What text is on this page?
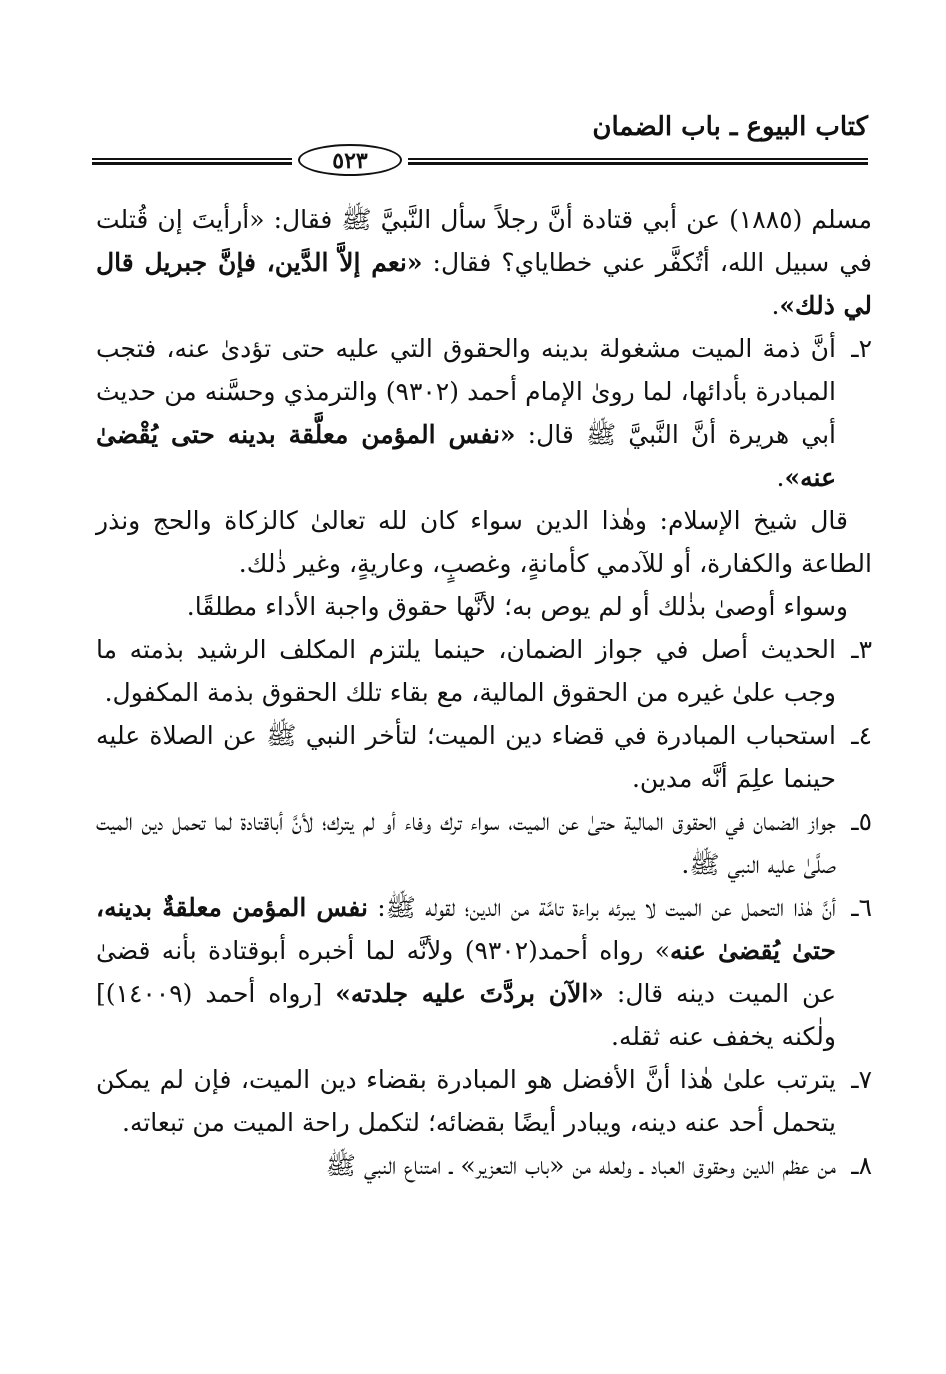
كتاب البيوع ـ باب الضمان
٥٢٣

مسلم (١٨٨٥) عن أبي قتادة أنَّ رجلاً سأل النَّبيَّ ﷺ فقال: «أرأيتَ إن قُتلت في سبيل الله، أتُكفَّر عني خطاياي؟ فقال: «نعم إلاَّ الدَّين، فإنَّ جبريل قال لي ذلك».

٢ـ
أنَّ ذمة الميت مشغولة بدينه والحقوق التي عليه حتى تؤدىٰ عنه، فتجب المبادرة بأدائها، لما روىٰ الإمام أحمد (٩٣٠٢) والترمذي وحسَّنه من حديث أبي هريرة أنَّ النَّبيَّ ﷺ قال: «نفس المؤمن معلَّقة بدينه حتى يُقْضىٰ عنه».

قال شيخ الإسلام: وهٰذا الدين سواء كان لله تعالىٰ كالزكاة والحج ونذر الطاعة والكفارة، أو للآدمي كأمانةٍ، وغصبٍ، وعاريةٍ، وغير ذٰلك.

وسواء أوصىٰ بذٰلك أو لم يوص به؛ لأنَّها حقوق واجبة الأداء مطلقًا.

٣ـ
الحديث أصل في جواز الضمان، حينما يلتزم المكلف الرشيد بذمته ما وجب علىٰ غيره من الحقوق المالية، مع بقاء تلك الحقوق بذمة المكفول.
٤ـ
استحباب المبادرة في قضاء دين الميت؛ لتأخر النبي ﷺ عن الصلاة عليه حينما علِمَ أنَّه مدين.
٥ـ
جواز الضمان في الحقوق المالية حتىٰ عن الميت، سواء ترك وفاء أو لم يترك؛ لأنَّ أباقتادة لما تحمل دين الميت صلَّىٰ عليه النبي ﷺ.
٦ـ
أنَّ هٰذا التحمل عن الميت لا يبرئه براءة تامَّة من الدين؛ لقوله ﷺ: نفس المؤمن معلقةٌ بدينه، حتىٰ يُقضىٰ عنه» رواه أحمد(٩٣٠٢) ولأنَّه لما أخبره أبوقتادة بأنه قضىٰ عن الميت دينه قال: «الآن بردَّتَ عليه جلدته» [رواه أحمد (١٤٠٠٩)] ولٰكنه يخفف عنه ثقله.
٧ـ
يترتب علىٰ هٰذا أنَّ الأفضل هو المبادرة بقضاء دين الميت، فإن لم يمكن يتحمل أحد عنه دينه، ويبادر أيضًا بقضائه؛ لتكمل راحة الميت من تبعاته.
٨ـ
من عظم الدين وحقوق العباد ـ ولعله من «باب التعزير» ـ امتناع النبي ﷺ
